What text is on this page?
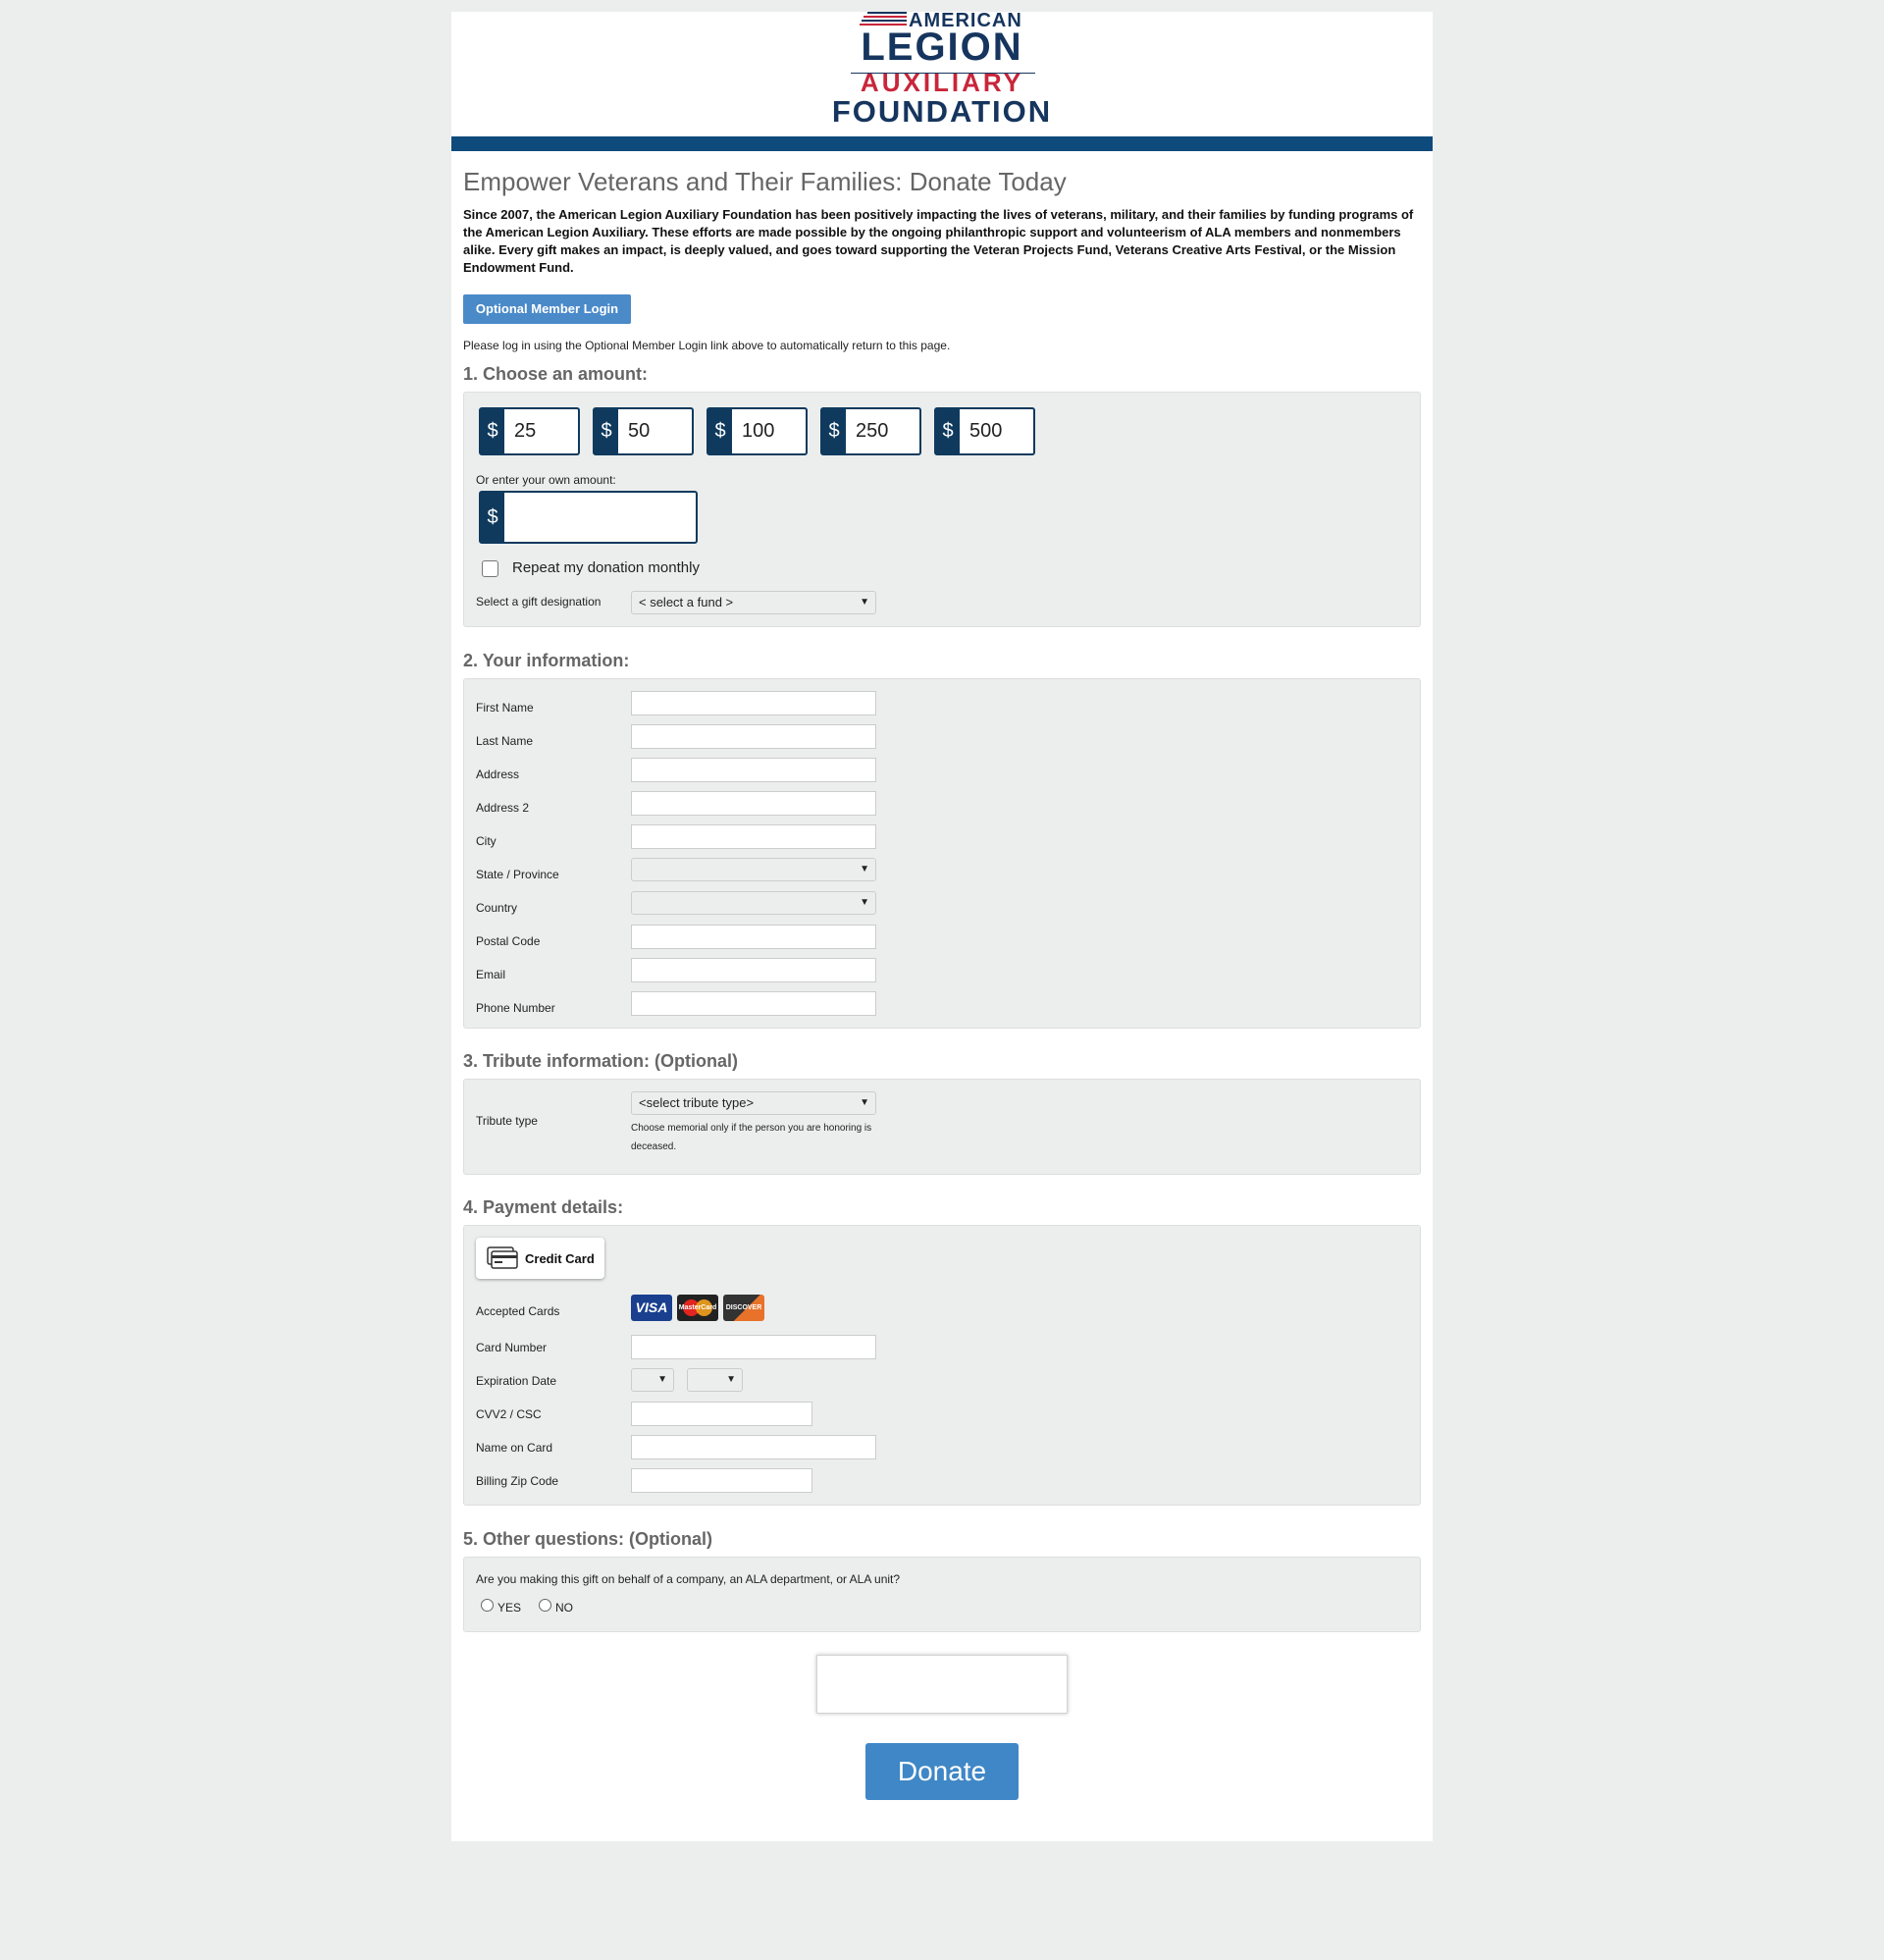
AMERICAN
LEGION
AUXILIARY
FOUNDATION
Empower Veterans and Their Families: Donate Today
Since 2007, the American Legion Auxiliary Foundation has been positively impacting the lives of veterans, military, and their families by funding programs of the American Legion Auxiliary. These efforts are made possible by the ongoing philanthropic support and volunteerism of ALA members and nonmembers alike. Every gift makes an impact, is deeply valued, and goes toward supporting the Veteran Projects Fund, Veterans Creative Arts Festival, or the Mission Endowment Fund.
Optional Member Login
Please log in using the Optional Member Login link above to automatically return to this page.
1. Choose an amount:
$ 25	$ 50	$ 100	$ 250	$ 500
Or enter your own amount:
$
Repeat my donation monthly
Select a gift designation	< select a fund >	▼
2. Your information:
First Name
Last Name
Address
Address 2
City
State / Province	▼
Country	▼
Postal Code
Email
Phone Number
3. Tribute information: (Optional)
Tribute type
<select tribute type>	▼
Choose memorial only if the person you are honoring is deceased.
4. Payment details:
Credit Card
Accepted Cards	VISA	MasterCard	DISCOVER
Card Number
Expiration Date	▼	▼
CVV2 / CSC
Name on Card
Billing Zip Code
5. Other questions: (Optional)
Are you making this gift on behalf of a company, an ALA department, or ALA unit?
YES	NO
Donate
